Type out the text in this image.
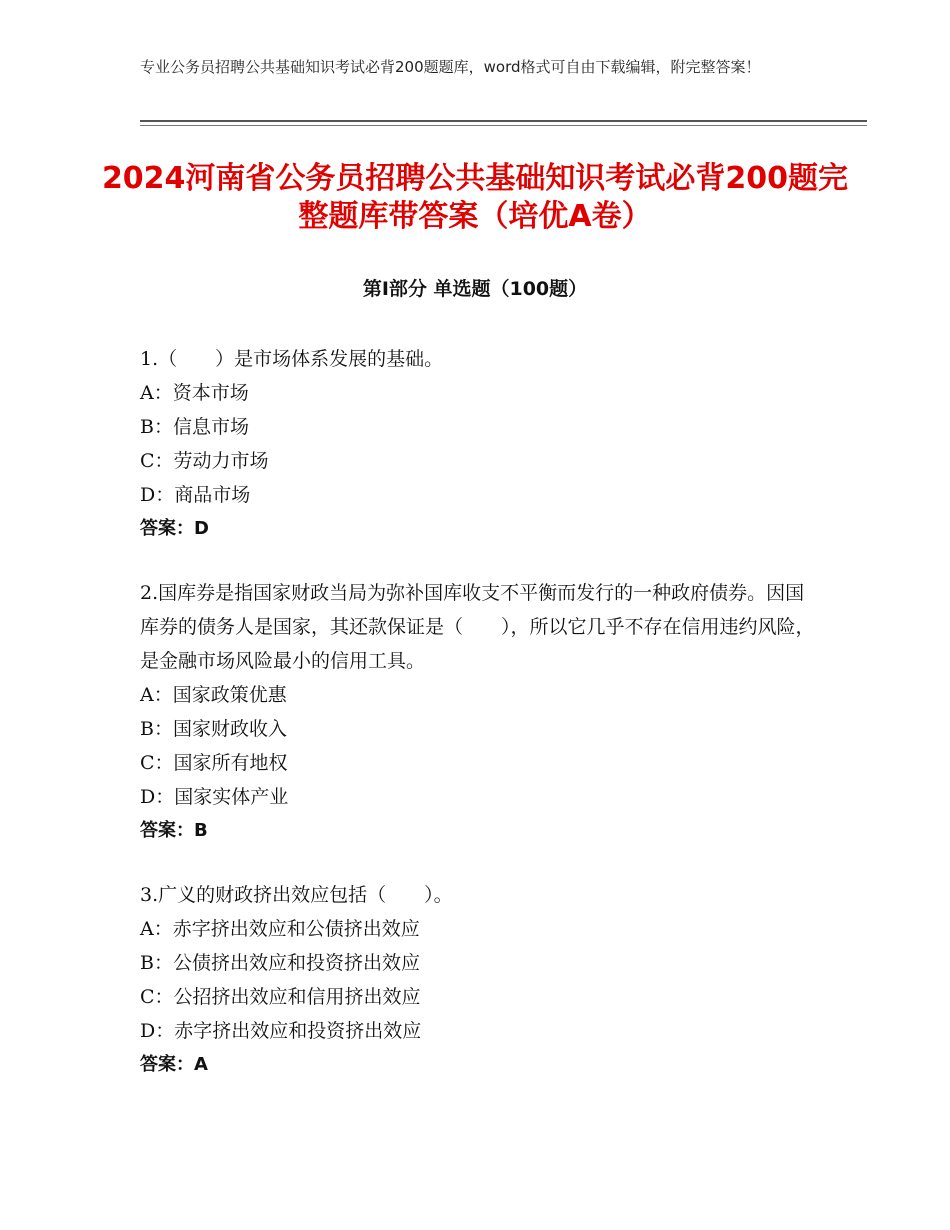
专业公务员招聘公共基础知识考试必背200题题库，word格式可自由下载编辑，附完整答案！
2024河南省公务员招聘公共基础知识考试必背200题完整题库带答案（培优A卷）
第Ⅰ部分 单选题（100题）

1.（　　）是市场体系发展的基础。

A：资本市场

B：信息市场

C：劳动力市场

D：商品市场

答案：D

2.国库券是指国家财政当局为弥补国库收支不平衡而发行的一种政府债券。因国库券的债务人是国家，其还款保证是（　　），所以它几乎不存在信用违约风险，是金融市场风险最小的信用工具。

A：国家政策优惠

B：国家财政收入

C：国家所有地权

D：国家实体产业

答案：B

3.广义的财政挤出效应包括（　　）。

A：赤字挤出效应和公债挤出效应

B：公债挤出效应和投资挤出效应

C：公招挤出效应和信用挤出效应

D：赤字挤出效应和投资挤出效应

答案：A
